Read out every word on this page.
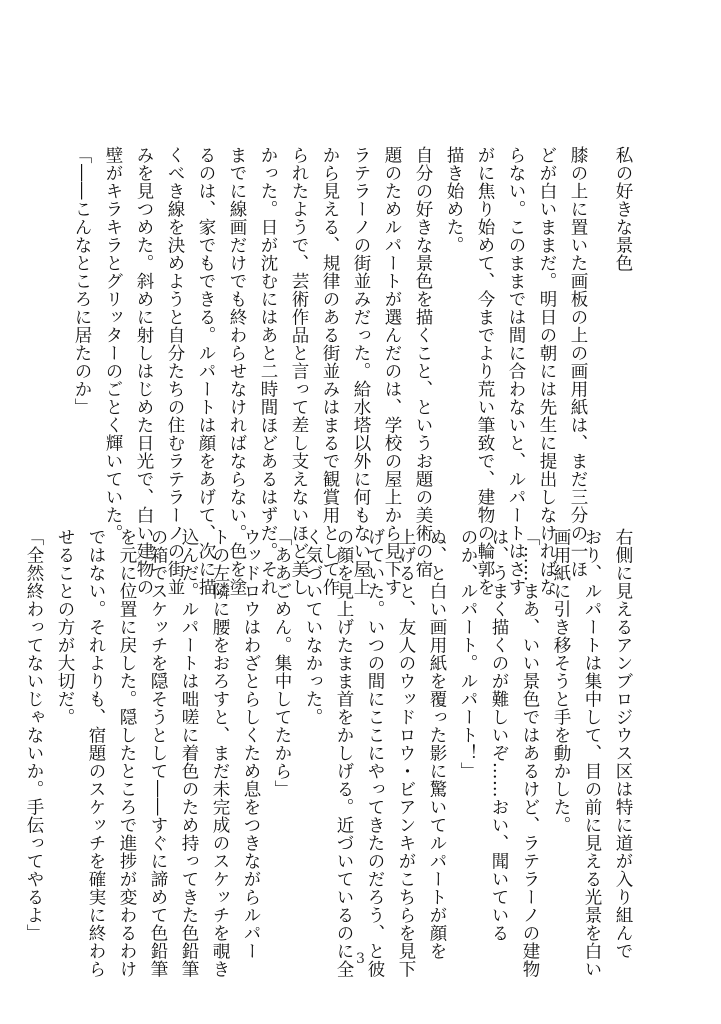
私の好きな景色
膝の上に置いた画板の上の画用紙は、まだ三分の一ほ
どが白いままだ。明日の朝には先生に提出しなければな
らない。このままでは間に合わないと、ルパートはさす
がに焦り始めて、今までより荒い筆致で、建物の輪郭を
描き始めた。
自分の好きな景色を描くこと、というお題の美術の宿
題のためルパートが選んだのは、学校の屋上から見下す
ラテラーノの街並みだった。給水塔以外に何もない屋上
から見える、規律のある街並みはまるで観賞用として作
られたようで、芸術作品と言って差し支えないほど美し
かった。日が沈むにはあと二時間ほどあるはずだ。それ
までに線画だけでも終わらせなければならない。色を塗
るのは、家でもできる。ルパートは顔をあげて、次に描
くべき線を決めようと自分たちの住むラテラーノの街並
みを見つめた。斜めに射しはじめた日光で、白い建物の
壁がキラキラとグリッターのごとく輝いていた。
「――こんなところに居たのか」
右側に見えるアンブロジウス区は特に道が入り組んで
おり、ルパートは集中して、目の前に見える光景を白い
画用紙に引き移そうと手を動かした。
「……まあ、いい景色ではあるけど、ラテラーノの建物
は、うまく描くのが難しいぞ……おい、聞いている
のか、ルパート。ルパート！」
ぬ、と白い画用紙を覆った影に驚いてルパートが顔を
上げると、友人のウッドロウ・ビアンキがこちらを見下
げていた。いつの間にここにやってきたのだろう、と彼
の顔を見上げたまま首をかしげる。近づいているのに全
く気づいていなかった。
「ああごめん。集中してたから」
ウッドロウはわざとらしくため息をつきながらルパー
トの左隣に腰をおろすと、まだ未完成のスケッチを覗き
込んだ。ルパートは咄嗟に着色のため持ってきた色鉛筆
の箱でスケッチを隠そうとして――すぐに諦めて色鉛筆
を元に位置に戻した。隠したところで進捗が変わるわけ
ではない。それよりも、宿題のスケッチを確実に終わら
せることの方が大切だ。
「全然終わってないじゃないか。手伝ってやるよ」
3
